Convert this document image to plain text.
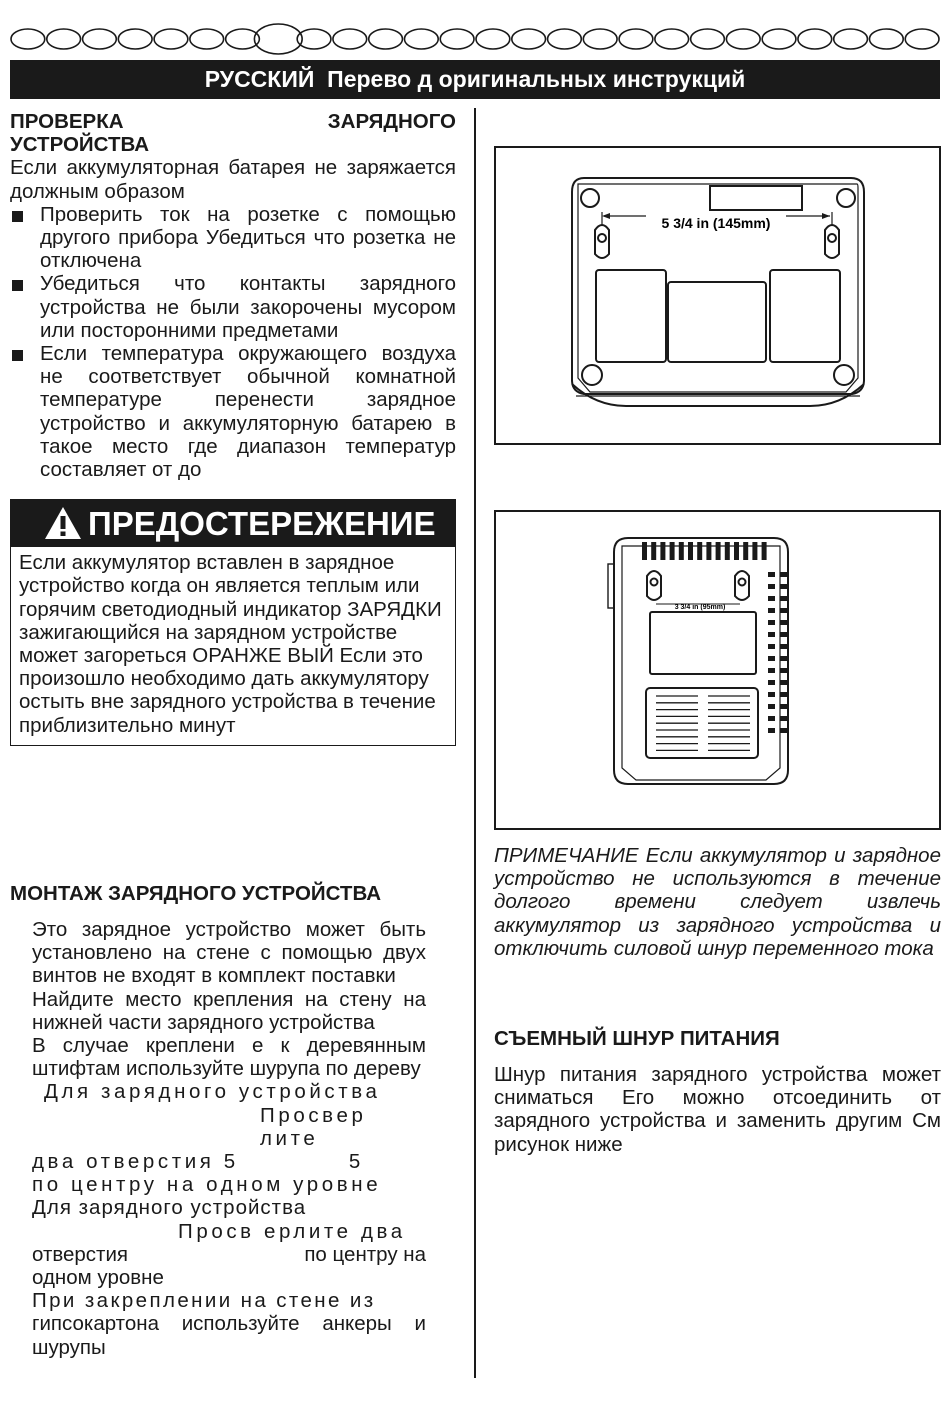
РУССКИЙ Перево д оригинальных инструкций
ПРОВЕРКА	ЗАРЯДНОГО
УСТРОЙСТВА

Если аккумуляторная батарея не заряжается должным образом

Проверить ток на розетке с помощью другого прибора Убедиться что розетка не отключена
Убедиться что контакты зарядного устройства не были закорочены мусором или посторонними предметами
Если температура окружающего воздуха не соответствует обычной комнатной температуре перенести зарядное устройство и аккумуляторную батарею в такое место где диапазон температур составляет от до
ПРЕДОСТЕРЕЖЕНИЕ

Если аккумулятор вставлен в зарядное устройство когда он является теплым или горячим светодиодный индикатор ЗАРЯДКИ зажигающийся на зарядном устройстве может загореться ОРАНЖЕ ВЫЙ Если это произошло необходимо дать аккумулятору остыть вне зарядного устройства в течение приблизительно минут

МОНТАЖ ЗАРЯДНОГО УСТРОЙСТВА

Это зарядное устройство может быть установлено на стене с помощью двух винтов не входят в комплект поставки

Найдите место крепления на стену на нижней части зарядного устройства

В случае креплени е к деревянным штифтам используйте шурупа по дереву

Для зарядного устройства
Просвер лите
два отверстия 5	5
по центру на одном уровне
Для зарядного устройства
Просв ерлите два
отверстия	по центру на
одном уровне
При закреплении на стене из

гипсокартона используйте анкеры и шурупы

5 3/4 in (145mm)
3 3/4 in (95mm)

ПРИМЕЧАНИЕ Если аккумулятор и зарядное устройство не используются в течение долгого времени следует извлечь аккумулятор из зарядного устройства и отключить силовой шнур переменного тока

СЪЕМНЫЙ ШНУР ПИТАНИЯ

Шнур питания зарядного устройства может сниматься Его можно отсоединить от зарядного устройства и заменить другим См рисунок ниже
